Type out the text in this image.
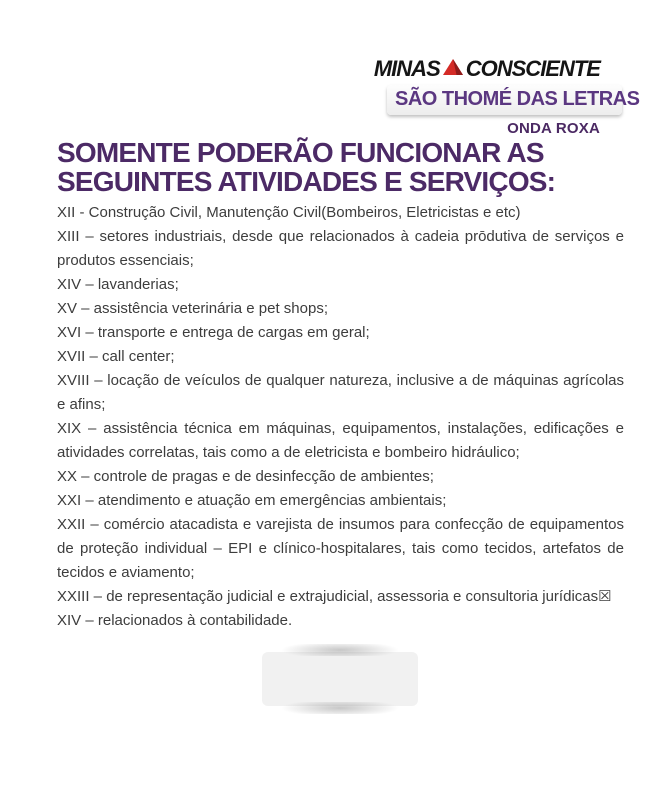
MINAS CONSCIENTE
SÃO THOMÉ DAS LETRAS
ONDA ROXA
SOMENTE PODERÃO FUNCIONAR AS
SEGUINTES ATIVIDADES E SERVIÇOS:

XII - Construção Civil, Manutenção Civil(Bombeiros, Eletricistas e etc)

XIII – setores industriais, desde que relacionados à cadeia prōdutiva de serviços e produtos essenciais;

XIV – lavanderias;

XV – assistência veterinária e pet shops;

XVI – transporte e entrega de cargas em geral;

XVII – call center;

XVIII – locação de veículos de qualquer natureza, inclusive a de máquinas agrícolas e afins;

XIX – assistência técnica em máquinas, equipamentos, instalações, edificações e atividades correlatas, tais como a de eletricista e bombeiro hidráulico;

XX – controle de pragas e de desinfecção de ambientes;

XXI – atendimento e atuação em emergências ambientais;

XXII – comércio atacadista e varejista de insumos para confecção de equipamentos de proteção individual – EPI e clínico-hospitalares, tais como tecidos, artefatos de tecidos e aviamento;

XXIII – de representação judicial e extrajudicial, assessoria e consultoria jurídicas☒

XIV – relacionados à contabilidade.
